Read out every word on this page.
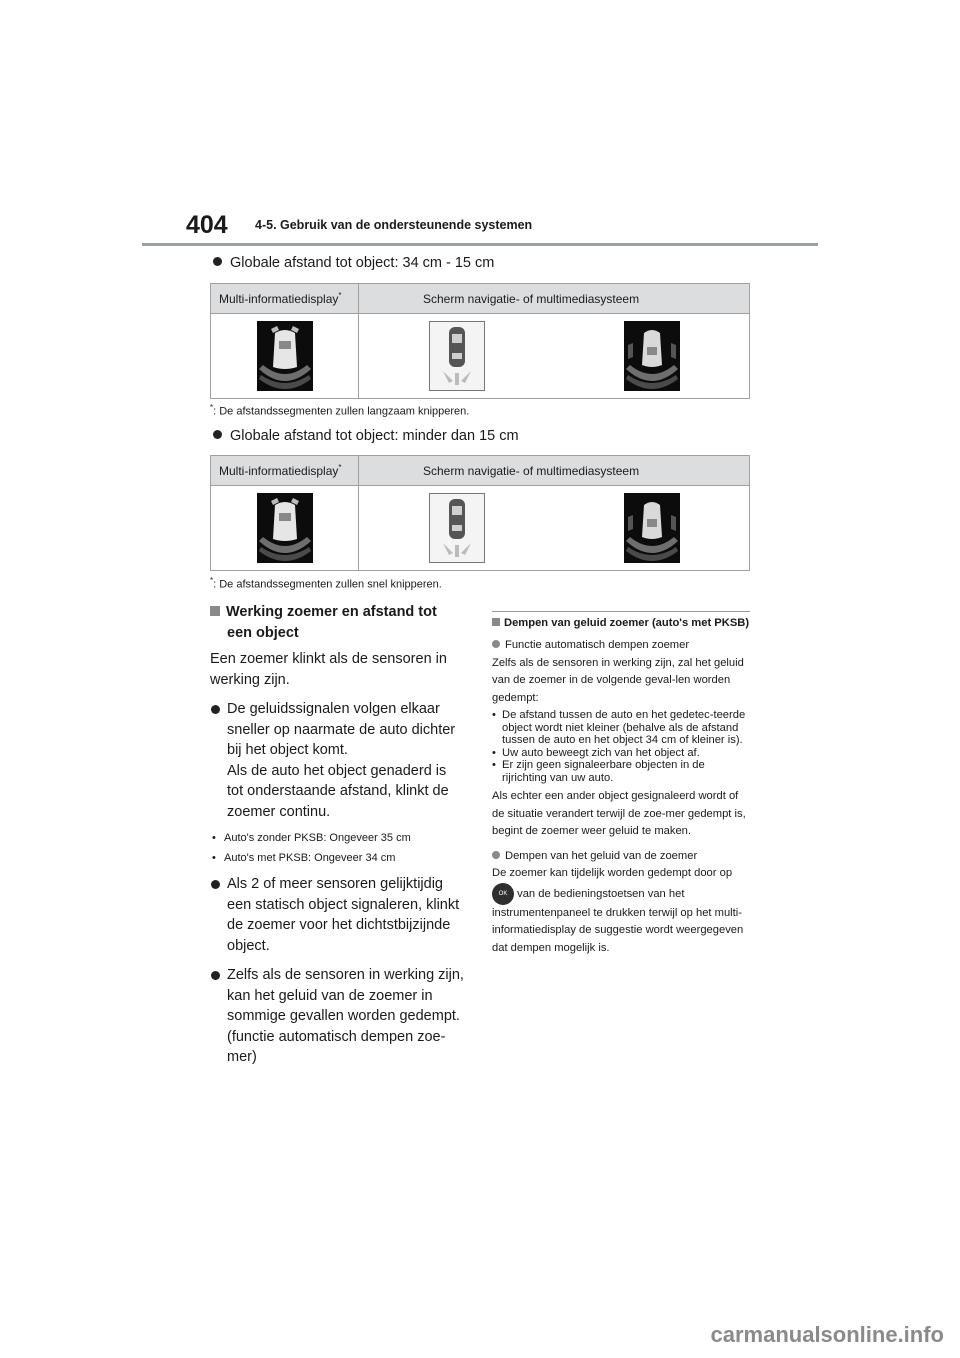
404 4-5. Gebruik van de ondersteunende systemen
Globale afstand tot object: 34 cm - 15 cm
Multi-informatiedisplay*	Scherm navigatie- of multimediasysteem	

*: De afstandssegmenten zullen langzaam knipperen.
Globale afstand tot object: minder dan 15 cm
Multi-informatiedisplay*	Scherm navigatie- of multimediasysteem	

*: De afstandssegmenten zullen snel knipperen.

Werking zoemer en afstand tot een object

Een zoemer klinkt als de sensoren in werking zijn.

De geluidssignalen volgen elkaar sneller op naarmate de auto dichter bij het object komt.

Als de auto het object genaderd is tot onderstaande afstand, klinkt de zoemer continu.

• Auto's zonder PKSB: Ongeveer 35 cm
• Auto's met PKSB: Ongeveer 34 cm

Als 2 of meer sensoren gelijktijdig een statisch object signaleren, klinkt de zoemer voor het dichtstbijzijnde object.

Zelfs als de sensoren in werking zijn, kan het geluid van de zoemer in sommige gevallen worden gedempt. (functie automatisch dempen zoe-mer)

Dempen van geluid zoemer (auto's met PKSB)

Functie automatisch dempen zoemer

Zelfs als de sensoren in werking zijn, zal het geluid van de zoemer in de volgende geval-len worden gedempt:

• De afstand tussen de auto en het gedetec-teerde object wordt niet kleiner (behalve als de afstand tussen de auto en het object 34 cm of kleiner is).
• Uw auto beweegt zich van het object af.
• Er zijn geen signaleerbare objecten in de rijrichting van uw auto.

Als echter een ander object gesignaleerd wordt of de situatie verandert terwijl de zoe-mer gedempt is, begint de zoemer weer geluid te maken.

Dempen van het geluid van de zoemer

De zoemer kan tijdelijk worden gedempt door op OK van de bedieningstoetsen van het instrumentenpaneel te drukken terwijl op het multi-informatiedisplay de suggestie wordt weergegeven dat dempen mogelijk is.

carmanualsonline.info
